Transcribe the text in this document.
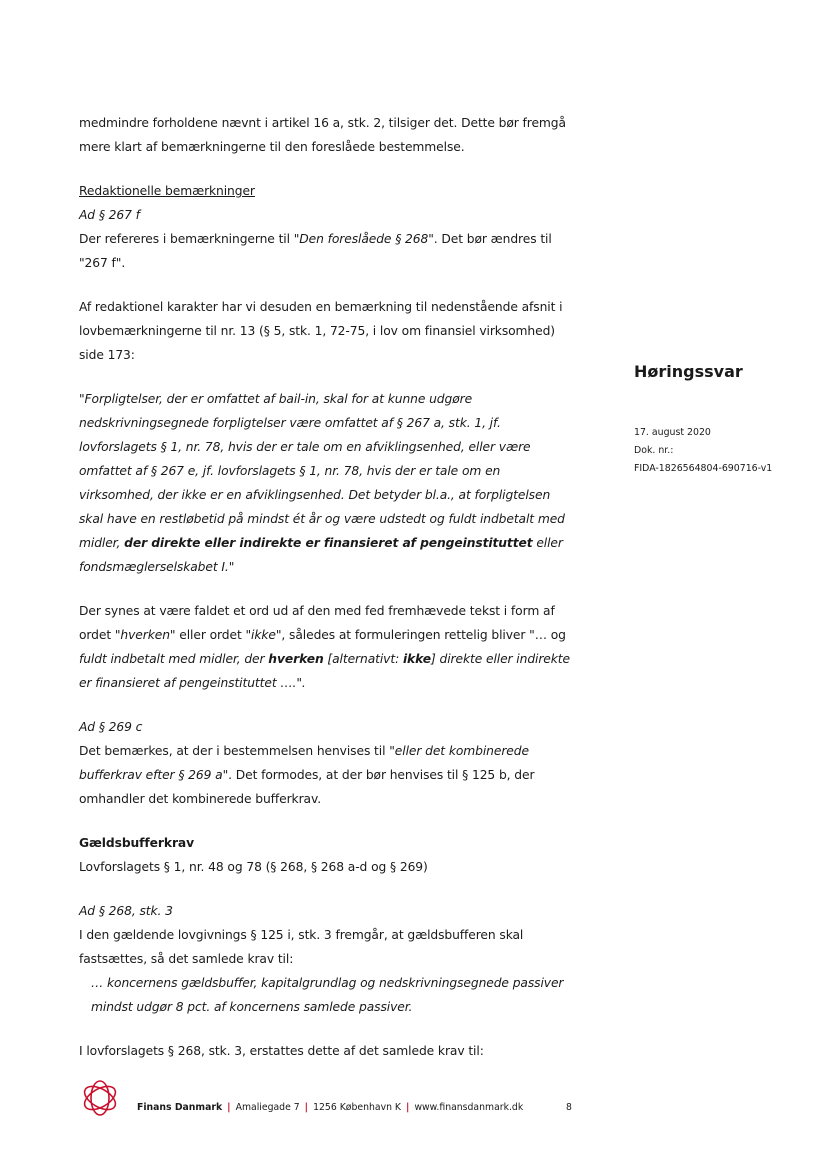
medmindre forholdene nævnt i artikel 16 a, stk. 2, tilsiger det. Dette bør fremgå mere klart af bemærkningerne til den foreslåede bestemmelse.

Redaktionelle bemærkninger

Ad § 267 f

Der refereres i bemærkningerne til "Den foreslåede § 268". Det bør ændres til "267 f".

Af redaktionel karakter har vi desuden en bemærkning til nedenstående afsnit i lovbemærkningerne til nr. 13 (§ 5, stk. 1, 72-75, i lov om finansiel virksomhed) side 173:

"Forpligtelser, der er omfattet af bail-in, skal for at kunne udgøre nedskrivningsegnede forpligtelser være omfattet af § 267 a, stk. 1, jf. lovforslagets § 1, nr. 78, hvis der er tale om en afviklingsenhed, eller være omfattet af § 267 e, jf. lovforslagets § 1, nr. 78, hvis der er tale om en virksomhed, der ikke er en afviklingsenhed. Det betyder bl.a., at forpligtelsen skal have en restløbetid på mindst ét år og være udstedt og fuldt indbetalt med midler, der direkte eller indirekte er finansieret af pengeinstituttet eller fondsmæglerselskabet I."

Der synes at være faldet et ord ud af den med fed fremhævede tekst i form af ordet "hverken" eller ordet "ikke", således at formuleringen rettelig bliver "… og fuldt indbetalt med midler, der hverken [alternativt: ikke] direkte eller indirekte er finansieret af pengeinstituttet ….".

Ad § 269 c

Det bemærkes, at der i bestemmelsen henvises til "eller det kombinerede bufferkrav efter § 269 a". Det formodes, at der bør henvises til § 125 b, der omhandler det kombinerede bufferkrav.

Gældsbufferkrav

Lovforslagets § 1, nr. 48 og 78 (§ 268, § 268 a-d og § 269)

Ad § 268, stk. 3

I den gældende lovgivnings § 125 i, stk. 3 fremgår, at gældsbufferen skal fastsættes, så det samlede krav til:

… koncernens gældsbuffer, kapitalgrundlag og nedskrivningsegnede passiver mindst udgør 8 pct. af koncernens samlede passiver.

I lovforslagets § 268, stk. 3, erstattes dette af det samlede krav til:

Høringssvar
17. august 2020
Dok. nr.:
FIDA-1826564804-690716-v1
Finans Danmark | Amaliegade 7 | 1256 København K | www.finansdanmark.dk	8
